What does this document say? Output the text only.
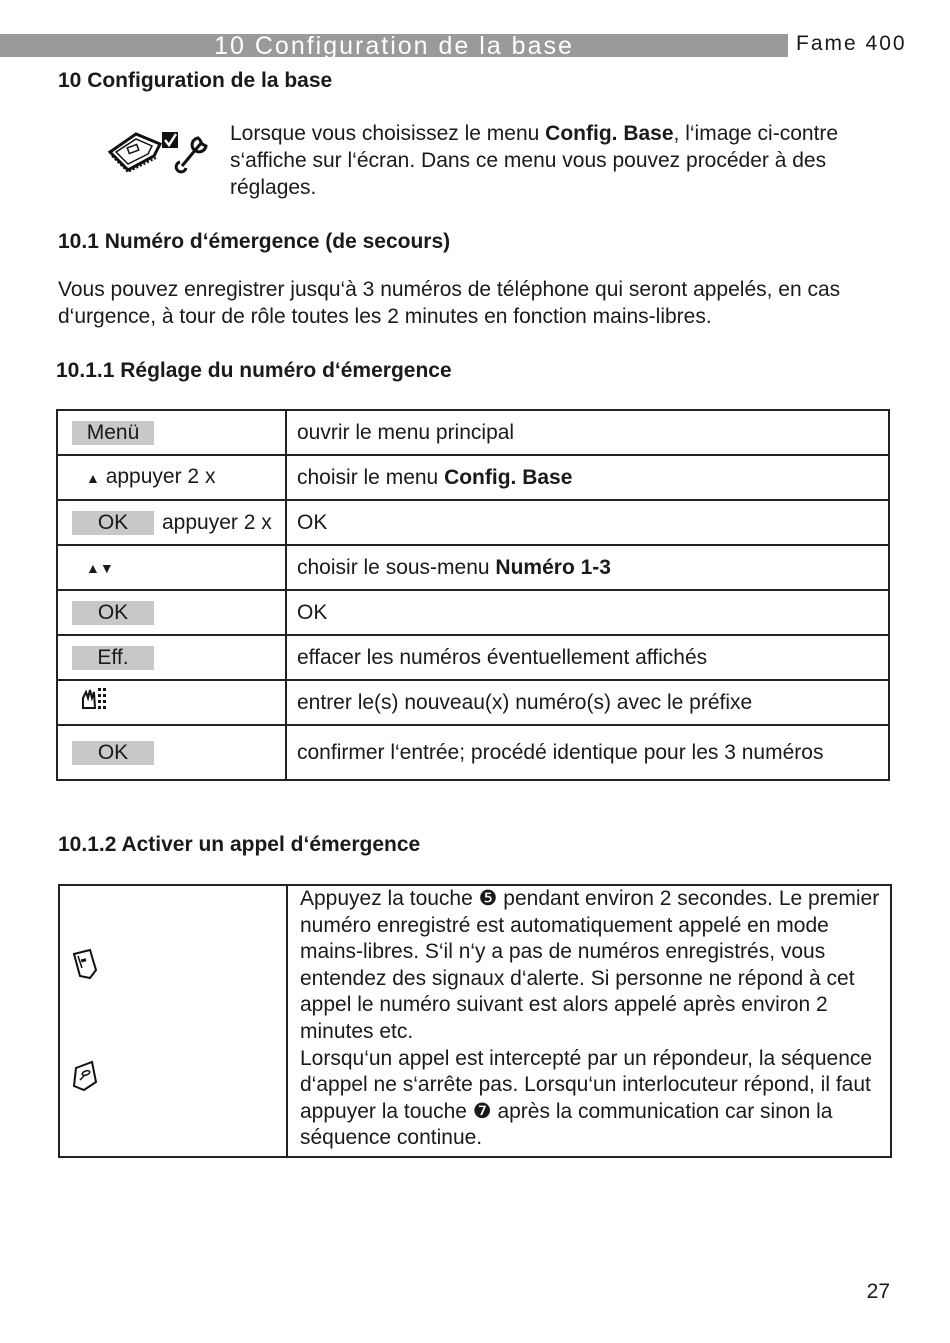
10 Configuration de la base	Fame 400
10 Configuration de la base
Lorsque vous choisissez le menu Config. Base, l‘image ci-contre s‘affiche sur l‘écran. Dans ce menu vous pouvez procéder à des réglages.
10.1 Numéro d‘émergence (de secours)
Vous pouvez enregistrer jusqu‘à 3 numéros de téléphone qui seront appelés, en cas d‘urgence, à tour de rôle toutes les 2 minutes en fonction mains-libres.
10.1.1 Réglage du numéro d‘émergence
Menü	ouvrir le menu principal
▲ appuyer 2 x	choisir le menu Config. Base

OK appuyer 2 x	OK
▲▼	choisir le sous-menu Numéro 1-3
OK	OK
Eff.	effacer les numéros éventuellement affichés
	entrer le(s) nouveau(x) numéro(s) avec le préfixe
OK	confirmer l‘entrée; procédé identique pour les 3 numéros
10.1.2 Activer un appel d‘émergence

Appuyez la touche ❺ pendant environ 2 secondes. Le premier numéro enregistré est automatiquement appelé en mode mains-libres. S‘il n‘y a pas de numéros enregistrés, vous entendez des signaux d‘alerte. Si personne ne répond à cet appel le numéro suivant est alors appelé après environ 2 minutes etc.
Lorsqu‘un appel est intercepté par un répondeur, la séquence d‘appel ne s‘arrête pas. Lorsqu‘un interlocuteur répond, il faut appuyer la touche ❼ après la communication car sinon la séquence continue.
27
